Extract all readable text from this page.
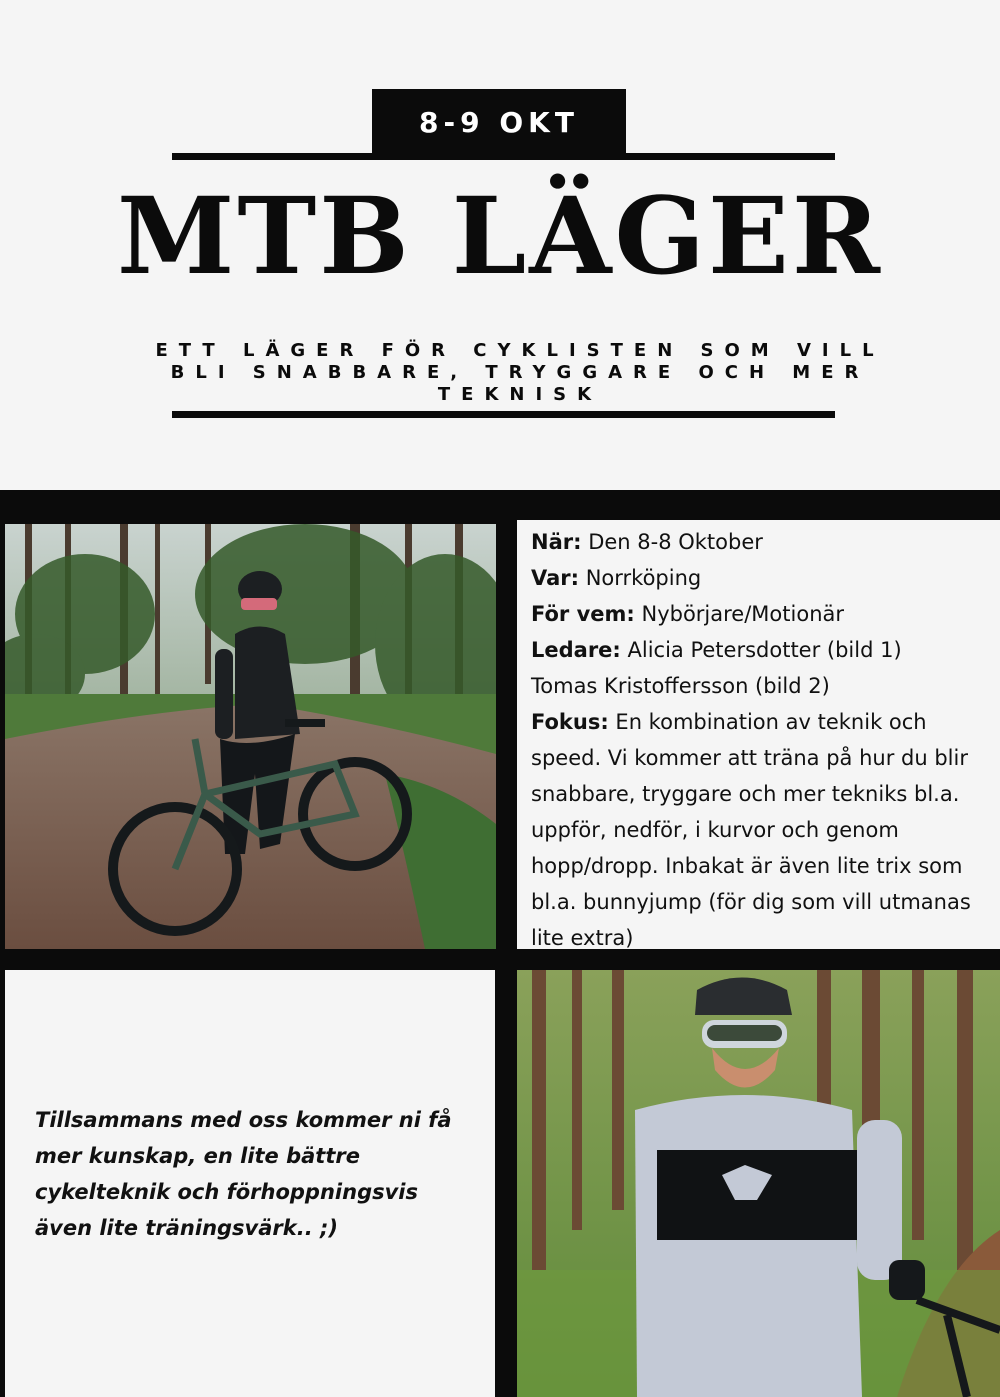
8-9 OKT
MTB LÄGER
ETT LÄGER FÖR CYKLISTEN SOM VILL BLI SNABBARE, TRYGGARE OCH MER TEKNISK

När: Den 8-8 Oktober

Var: Norrköping

För vem: Nybörjare/Motionär

Ledare: Alicia Petersdotter (bild 1)

Tomas Kristoffersson (bild 2)

Fokus: En kombination av teknik och speed. Vi kommer att träna på hur du blir snabbare, tryggare och mer tekniks bl.a. uppför, nedför, i kurvor och genom hopp/dropp. Inbakat är även lite trix som bl.a. bunnyjump (för dig som vill utmanas lite extra)

Tillsammans med oss kommer ni få mer kunskap, en lite bättre cykelteknik och förhoppningsvis även lite träningsvärk.. ;)
